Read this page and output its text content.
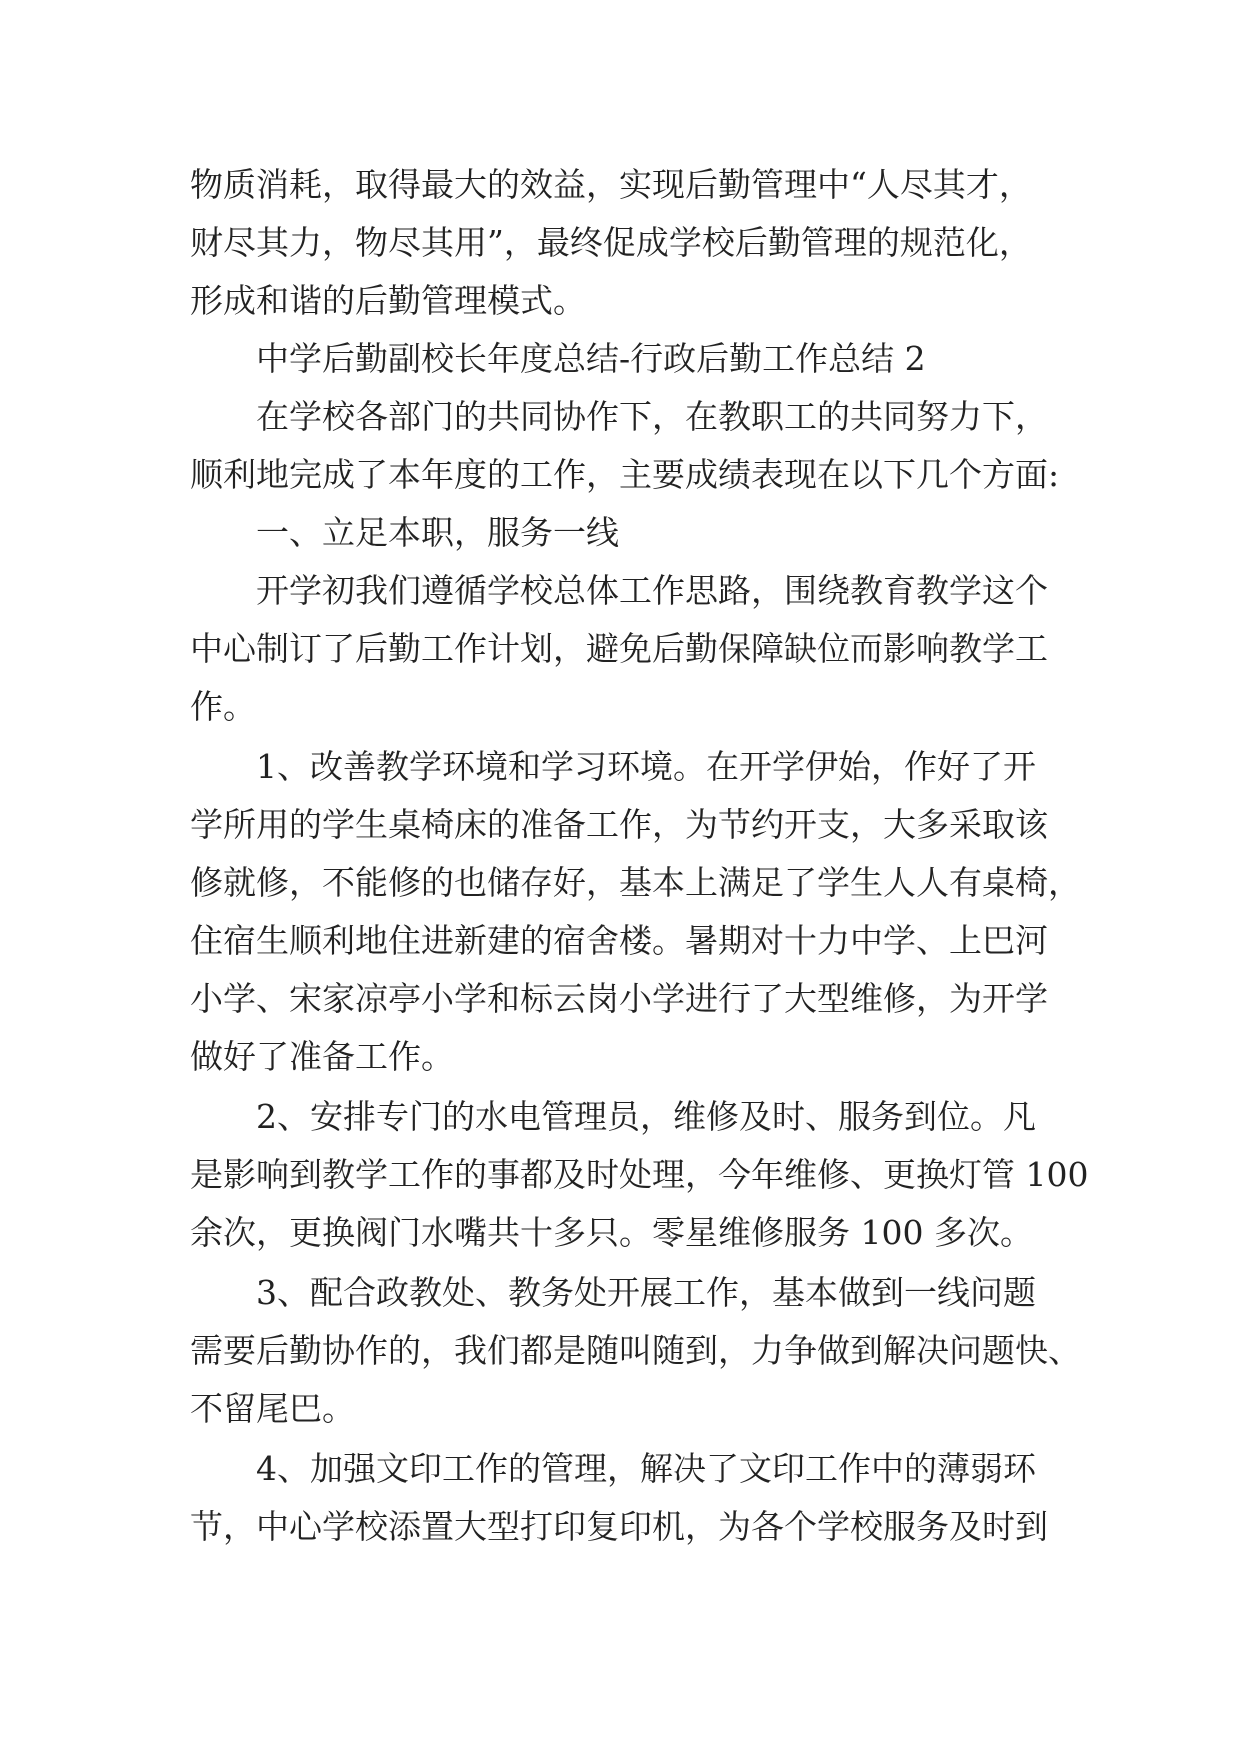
物质消耗，取得最大的效益，实现后勤管理中“人尽其才，

财尽其力，物尽其用”，最终促成学校后勤管理的规范化，

形成和谐的后勤管理模式。

中学后勤副校长年度总结-行政后勤工作总结 2

在学校各部门的共同协作下，在教职工的共同努力下，

顺利地完成了本年度的工作，主要成绩表现在以下几个方面:

一、立足本职，服务一线

开学初我们遵循学校总体工作思路，围绕教育教学这个

中心制订了后勤工作计划，避免后勤保障缺位而影响教学工

作。

1、改善教学环境和学习环境。在开学伊始，作好了开

学所用的学生桌椅床的准备工作，为节约开支，大多采取该

修就修，不能修的也储存好，基本上满足了学生人人有桌椅，

住宿生顺利地住进新建的宿舍楼。暑期对十力中学、上巴河

小学、宋家凉亭小学和标云岗小学进行了大型维修，为开学

做好了准备工作。

2、安排专门的水电管理员，维修及时、服务到位。凡

是影响到教学工作的事都及时处理，今年维修、更换灯管 100

余次，更换阀门水嘴共十多只。零星维修服务 100 多次。

3、配合政教处、教务处开展工作，基本做到一线问题

需要后勤协作的，我们都是随叫随到，力争做到解决问题快、

不留尾巴。

4、加强文印工作的管理，解决了文印工作中的薄弱环

节，中心学校添置大型打印复印机，为各个学校服务及时到
